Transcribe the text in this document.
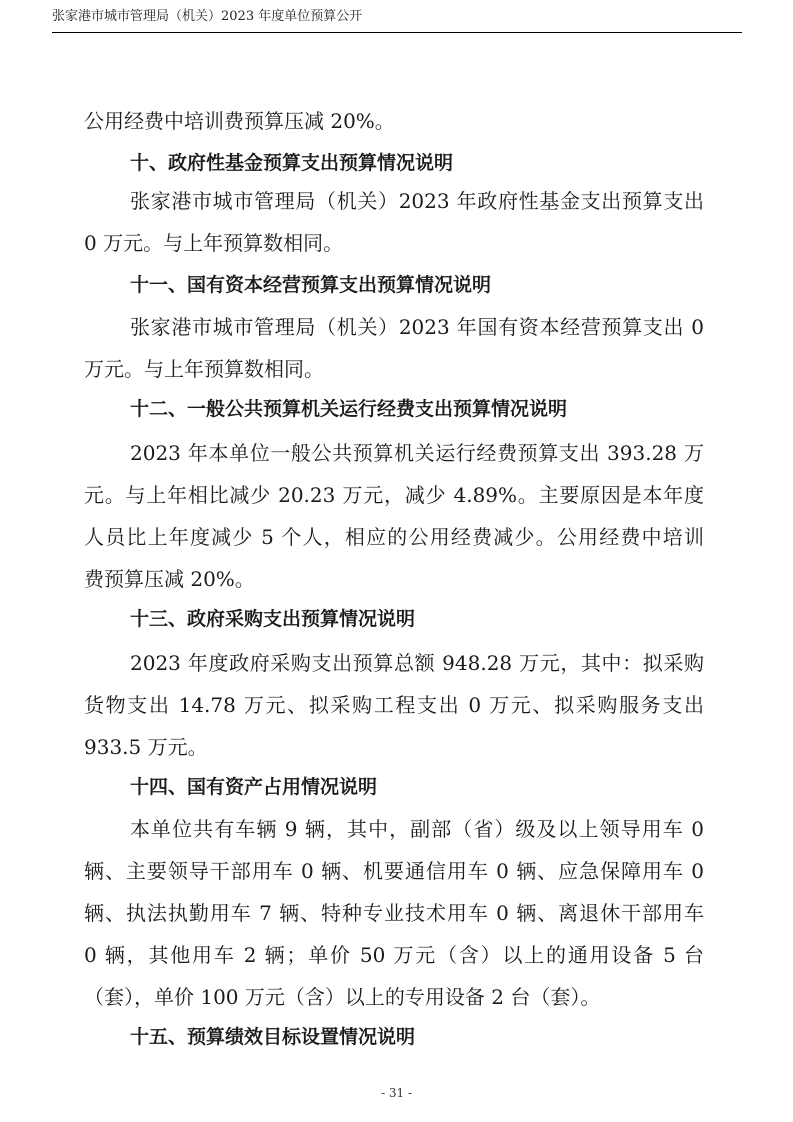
张家港市城市管理局（机关）2023 年度单位预算公开
公用经费中培训费预算压减 20%。
十、政府性基金预算支出预算情况说明
张家港市城市管理局（机关）2023 年政府性基金支出预算支出
0 万元。与上年预算数相同。
十一、国有资本经营预算支出预算情况说明
张家港市城市管理局（机关）2023 年国有资本经营预算支出 0
万元。与上年预算数相同。
十二、一般公共预算机关运行经费支出预算情况说明
2023 年本单位一般公共预算机关运行经费预算支出 393.28 万
元。与上年相比减少 20.23 万元，减少 4.89%。主要原因是本年度
人员比上年度减少 5 个人，相应的公用经费减少。公用经费中培训
费预算压减 20%。
十三、政府采购支出预算情况说明
2023 年度政府采购支出预算总额 948.28 万元，其中：拟采购
货物支出 14.78 万元、拟采购工程支出 0 万元、拟采购服务支出
933.5 万元。
十四、国有资产占用情况说明
本单位共有车辆 9 辆，其中，副部（省）级及以上领导用车 0
辆、主要领导干部用车 0 辆、机要通信用车 0 辆、应急保障用车 0
辆、执法执勤用车 7 辆、特种专业技术用车 0 辆、离退休干部用车
0 辆，其他用车 2 辆；单价 50 万元（含）以上的通用设备 5 台
（套），单价 100 万元（含）以上的专用设备 2 台（套）。
十五、预算绩效目标设置情况说明
- 31 -
